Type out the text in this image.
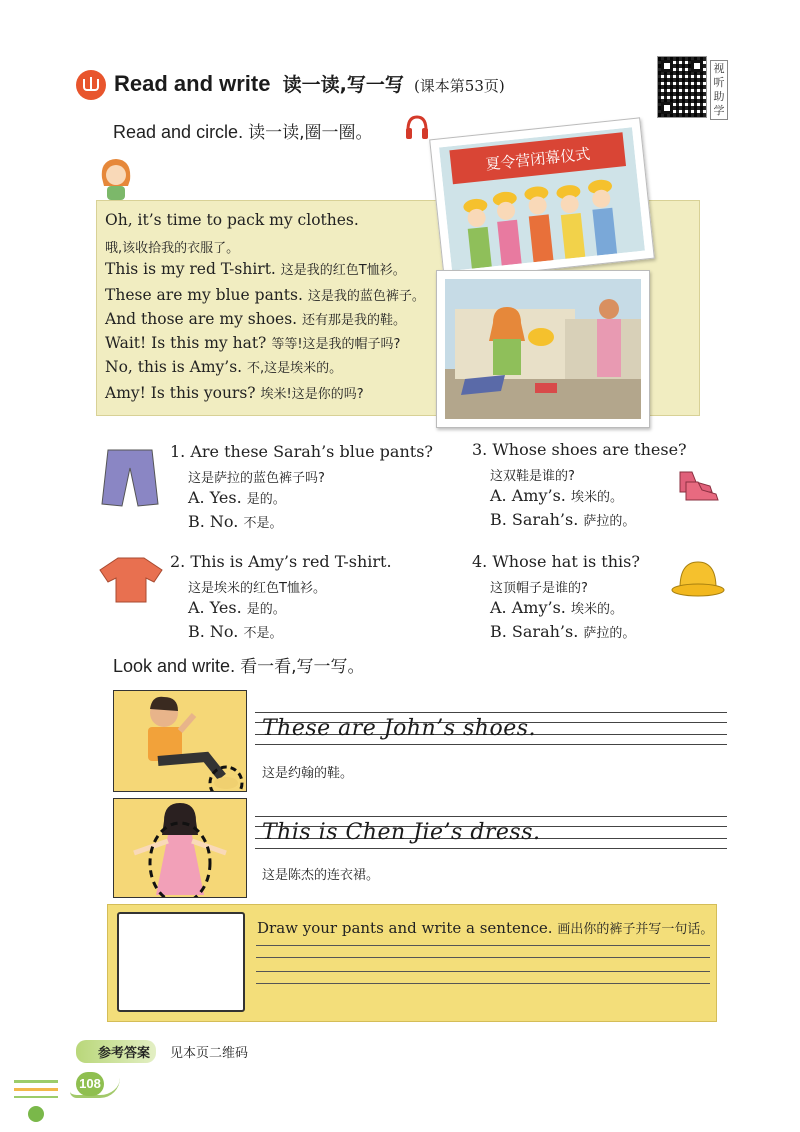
Read and write 读一读,写一写 (课本第53页)
视听助学
Read and circle. 读一读,圈一圈。
Oh, it’s time to pack my clothes.
哦,该收拾我的衣服了。
This is my red T-shirt. 这是我的红色T恤衫。
These are my blue pants. 这是我的蓝色裤子。
And those are my shoes. 还有那是我的鞋。
Wait! Is this my hat? 等等!这是我的帽子吗?
No, this is Amy’s. 不,这是埃米的。
Amy! Is this yours? 埃米!这是你的吗?
夏令营闭幕仪式
1. Are these Sarah’s blue pants?
这是萨拉的蓝色裤子吗?
A. Yes. 是的。
B. No. 不是。
2. This is Amy’s red T-shirt.
这是埃米的红色T恤衫。
A. Yes. 是的。
B. No. 不是。
3. Whose shoes are these?
这双鞋是谁的?
A. Amy’s. 埃米的。
B. Sarah’s. 萨拉的。
4. Whose hat is this?
这顶帽子是谁的?
A. Amy’s. 埃米的。
B. Sarah’s. 萨拉的。
Look and write. 看一看,写一写。
These are John’s shoes.
这是约翰的鞋。
This is Chen Jie’s dress.
这是陈杰的连衣裙。
Draw your pants and write a sentence. 画出你的裤子并写一句话。
参考答案	见本页二维码
108
